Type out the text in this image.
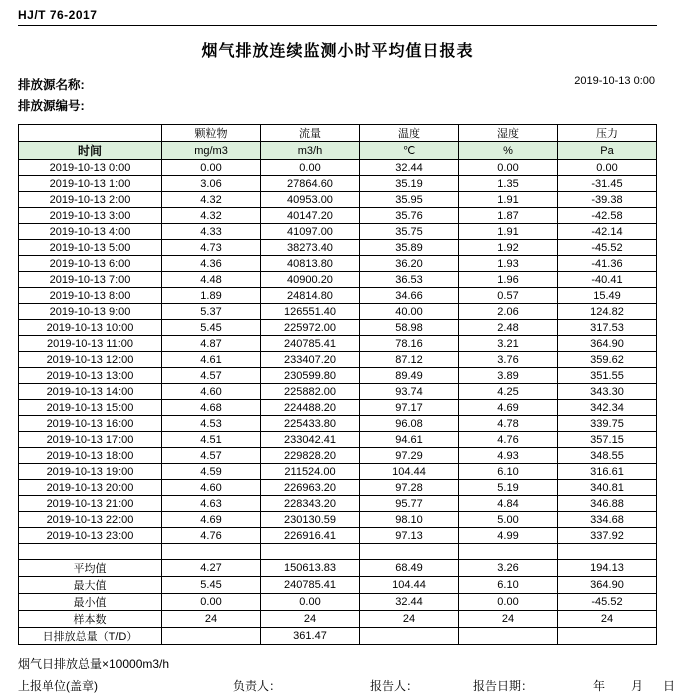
HJ/T 76-2017
烟气排放连续监测小时平均值日报表
排放源名称:	2019-10-13 0:00
排放源编号:
	颗粒物	流量	温度	湿度	压力
时间	mg/m3	m3/h	℃	%	Pa
2019-10-13 0:00	0.00	0.00	32.44	0.00	0.00
2019-10-13 1:00	3.06	27864.60	35.19	1.35	-31.45
2019-10-13 2:00	4.32	40953.00	35.95	1.91	-39.38
2019-10-13 3:00	4.32	40147.20	35.76	1.87	-42.58
2019-10-13 4:00	4.33	41097.00	35.75	1.91	-42.14
2019-10-13 5:00	4.73	38273.40	35.89	1.92	-45.52
2019-10-13 6:00	4.36	40813.80	36.20	1.93	-41.36
2019-10-13 7:00	4.48	40900.20	36.53	1.96	-40.41
2019-10-13 8:00	1.89	24814.80	34.66	0.57	15.49
2019-10-13 9:00	5.37	126551.40	40.00	2.06	124.82
2019-10-13 10:00	5.45	225972.00	58.98	2.48	317.53
2019-10-13 11:00	4.87	240785.41	78.16	3.21	364.90
2019-10-13 12:00	4.61	233407.20	87.12	3.76	359.62
2019-10-13 13:00	4.57	230599.80	89.49	3.89	351.55
2019-10-13 14:00	4.60	225882.00	93.74	4.25	343.30
2019-10-13 15:00	4.68	224488.20	97.17	4.69	342.34
2019-10-13 16:00	4.53	225433.80	96.08	4.78	339.75
2019-10-13 17:00	4.51	233042.41	94.61	4.76	357.15
2019-10-13 18:00	4.57	229828.20	97.29	4.93	348.55
2019-10-13 19:00	4.59	211524.00	104.44	6.10	316.61
2019-10-13 20:00	4.60	226963.20	97.28	5.19	340.81
2019-10-13 21:00	4.63	228343.20	95.77	4.84	346.88
2019-10-13 22:00	4.69	230130.59	98.10	5.00	334.68
2019-10-13 23:00	4.76	226916.41	97.13	4.99	337.92

平均值	4.27	150613.83	68.49	3.26	194.13
最大值	5.45	240785.41	104.44	6.10	364.90
最小值	0.00	0.00	32.44	0.00	-45.52
样本数	24	24	24	24	24
日排放总量（T/D）		361.47			
烟气日排放总量×10000m3/h
上报单位(盖章)	负责人：	报告人：	报告日期：	年 月 日
